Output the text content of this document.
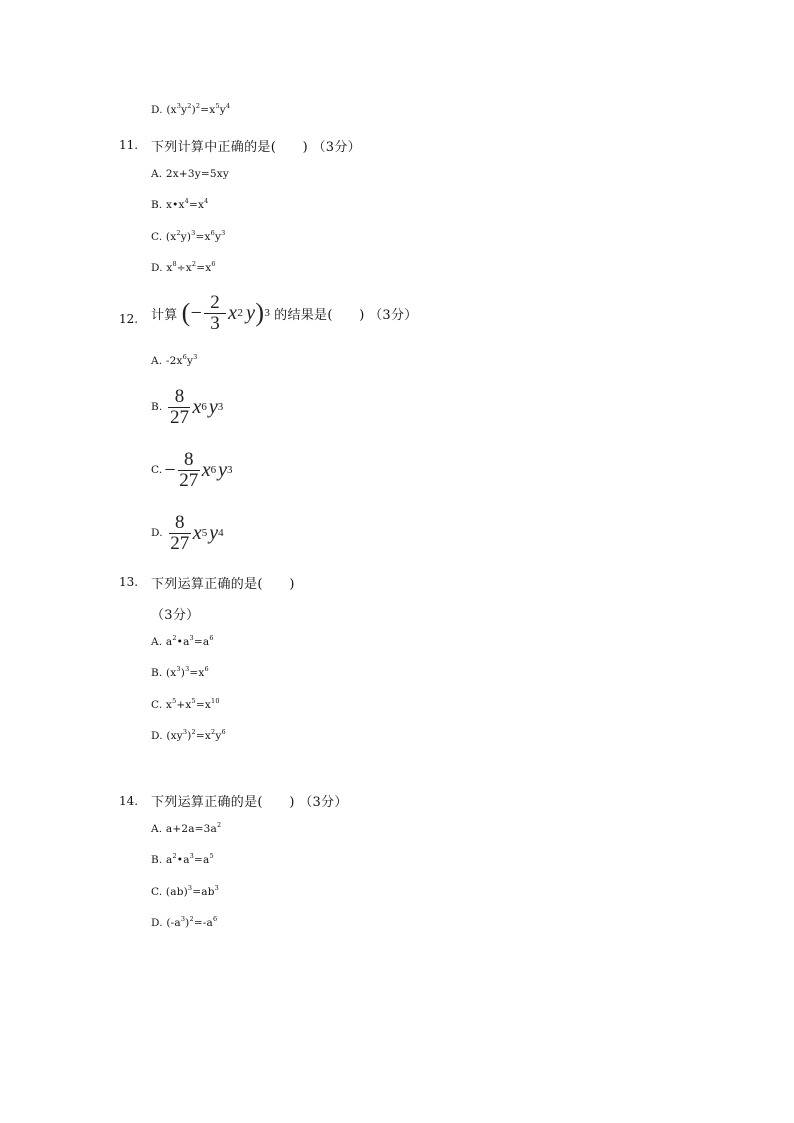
D. $(x^3y^2)^2=x^5y^4$
11. 下列计算中正确的是(　　) （3分）
A. 2x+3y=5xy
B. $x•x^4=x^4$
C. $(x^2y)^3=x^6y^3$
D. $x^8\div x^2=x^6$
12. 计算 ( − $\frac{2}{3}$ x 2 y ) 3 的结果是(　　)
（3分）
A. $-2x^6y^3$
B. $\frac{8}{27}$ x 6 y 3
C. − $\frac{8}{27}$ x 6 y 3
D. $\frac{8}{27}$ x 5 y 4
13. 下列运算正确的是(　　)
（3分）
A. $a^2•a^3=a^6$
B. $(x^3)^3=x^6$
C. $x^5+x^5=x^{10}$
D. $(xy^3)^2=x^2y^6$
14. 下列运算正确的是(　　) （3分）
A. $a+2a=3a^2$
B. $a^2•a^3=a^5$
C. $(ab)^3=ab^3$
D. $(-a^3)^2=-a^6$
